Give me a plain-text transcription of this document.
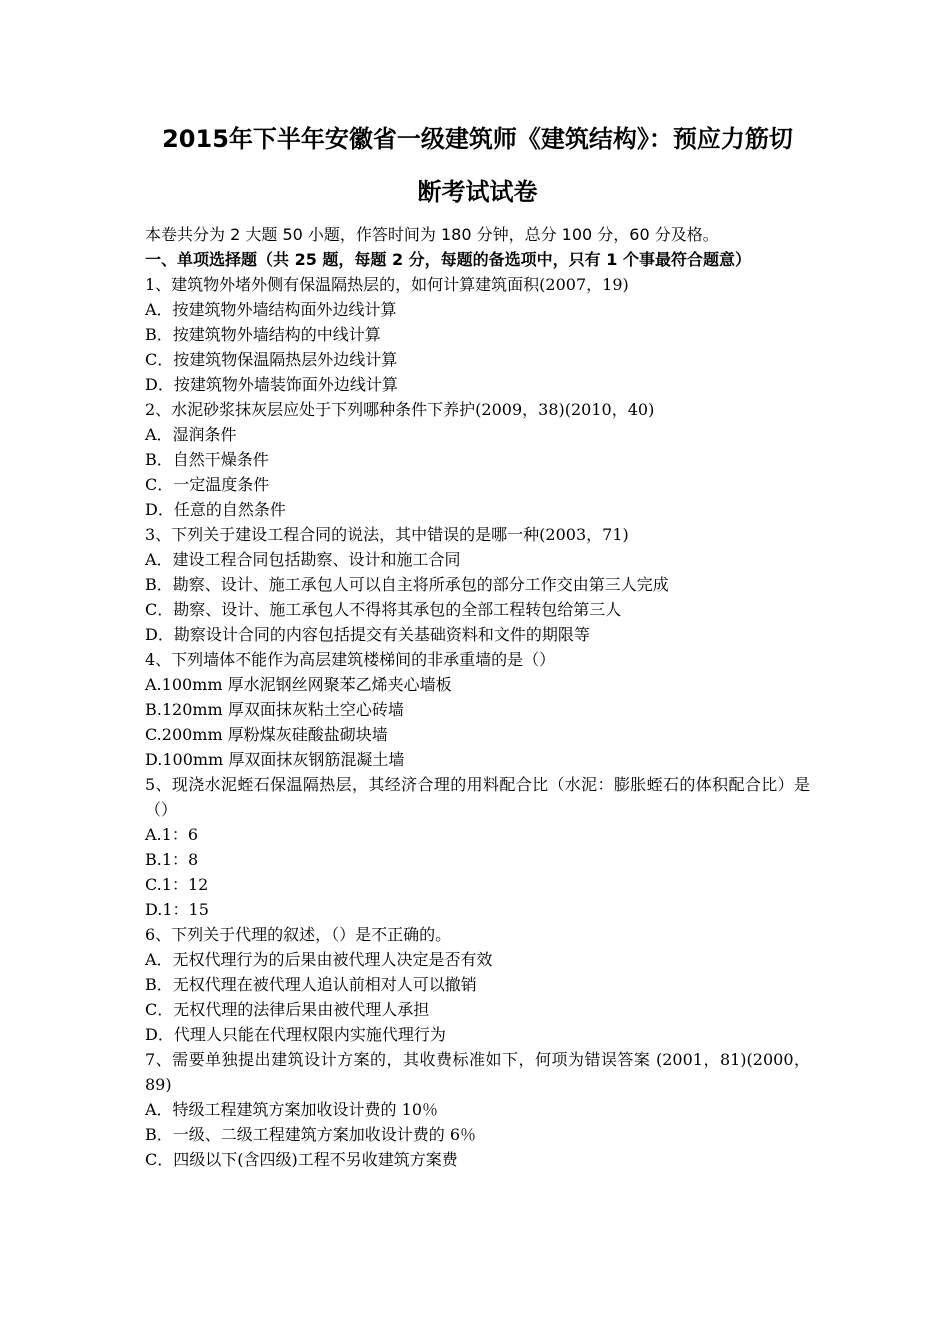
2015年下半年安徽省一级建筑师《建筑结构》：预应力筋切
断考试试卷

本卷共分为 2 大题 50 小题，作答时间为 180 分钟，总分 100 分，60 分及格。

一、单项选择题（共 25 题，每题 2 分，每题的备选项中，只有 1 个事最符合题意）

1、建筑物外堵外侧有保温隔热层的，如何计算建筑面积(2007，19)

A．按建筑物外墙结构面外边线计算

B．按建筑物外墙结构的中线计算

C．按建筑物保温隔热层外边线计算

D．按建筑物外墙装饰面外边线计算

2、水泥砂浆抹灰层应处于下列哪种条件下养护(2009，38)(2010，40)

A．湿润条件

B．自然干燥条件

C．一定温度条件

D．任意的自然条件

3、下列关于建设工程合同的说法，其中错误的是哪一种(2003，71)

A．建设工程合同包括勘察、设计和施工合同

B．勘察、设计、施工承包人可以自主将所承包的部分工作交由第三人完成

C．勘察、设计、施工承包人不得将其承包的全部工程转包给第三人

D．勘察设计合同的内容包括提交有关基础资料和文件的期限等

4、下列墙体不能作为高层建筑楼梯间的非承重墙的是（）

A.100mm 厚水泥钢丝网聚苯乙烯夹心墙板

B.120mm 厚双面抹灰粘土空心砖墙

C.200mm 厚粉煤灰硅酸盐砌块墙

D.100mm 厚双面抹灰钢筋混凝土墙

5、现浇水泥蛭石保温隔热层，其经济合理的用料配合比（水泥：膨胀蛭石的体积配合比）是（）

A.1：6

B.1：8

C.1：12

D.1：15

6、下列关于代理的叙述，（）是不正确的。

A．无权代理行为的后果由被代理人决定是否有效

B．无权代理在被代理人追认前相对人可以撤销

C．无权代理的法律后果由被代理人承担

D．代理人只能在代理权限内实施代理行为

7、需要单独提出建筑设计方案的，其收费标准如下，何项为错误答案 (2001，81)(2000，89)

A．特级工程建筑方案加收设计费的 10％

B．一级、二级工程建筑方案加收设计费的 6％

C．四级以下(含四级)工程不另收建筑方案费
